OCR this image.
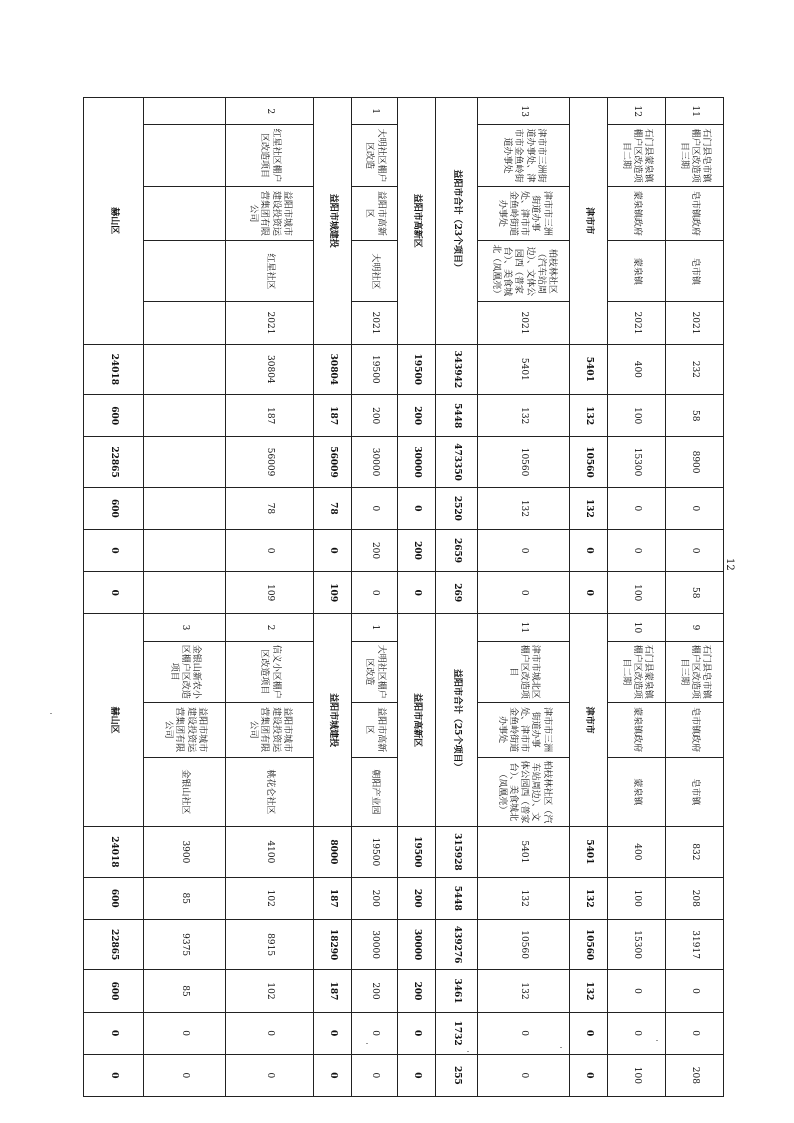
11	石门县皂市镇棚户区改造项目三期	皂市镇政府	皂市镇	2021	232	58	8900	0	0	58	9	石门县皂市镇棚户区改造项目三期	皂市镇政府	皂市镇	832	208	31917	0	0	208
12	石门县蒙泉镇棚户区改造项目二期	蒙泉镇政府	蒙泉镇	2021	400	100	15300	0	0	100	10	石门县蒙泉镇棚户区改造项目二期	蒙泉镇政府	蒙泉镇	400	100	15300	0	0	100
津市市					5401	132	10560	132	0	0	津市市				5401	132	10560	132	0	0
13	津市市三洲街道办事处、津市市金鱼岭街道办事处	津市市三洲街道办事处、津市市金鱼岭街道办事处	柏枝林社区（汽车站周边）、文体公园西（普家台）、美食城北（凤凰亮）	2021	5401	132	10560	132	0	0	11	津市市城北区棚户区改造项目	津市市三洲街道办事处、津市市金鱼岭街道办事处	柏枝林社区（汽车站周边）、文体公园西（普家台）、美食城北（凤凰亮）	5401	132	10560	132	0	0
益阳市合计（23个项目）					343942	5448	473350	2520	2659	269	益阳市合计（25个项目）				315928	5448	439276	3461	1732	255
益阳市高新区					19500	200	30000	0	200	0	益阳市高新区				19500	200	30000	200	0	0
1	大明社区棚户区改造	益阳市高新区	大明社区	2021	19500	200	30000	0	200	0	1	大明社区棚户区改造	益阳市高新区	朝阳产业园	19500	200	30000	200	0	0
益阳市城建投					30804	187	56009	78	0	109	益阳市城建投				8000	187	18290	187	0	0
2	红星社区棚户区改造项目	益阳市城市建设投资运营集团有限公司	红星社区	2021	30804	187	56009	78	0	109	2	信义小区棚户区改造项目	益阳市城市建设投资运营集团有限公司	桃花仑社区	4100	102	8915	102	0	0
											3	金银山新农小区棚户区改造项目	益阳市城市建设投资运营集团有限公司	金银山社区	3900	85	9375	85	0	0
赫山区					24018	600	22865	600	0	0	赫山区				24018	600	22865	600	0	0
12
